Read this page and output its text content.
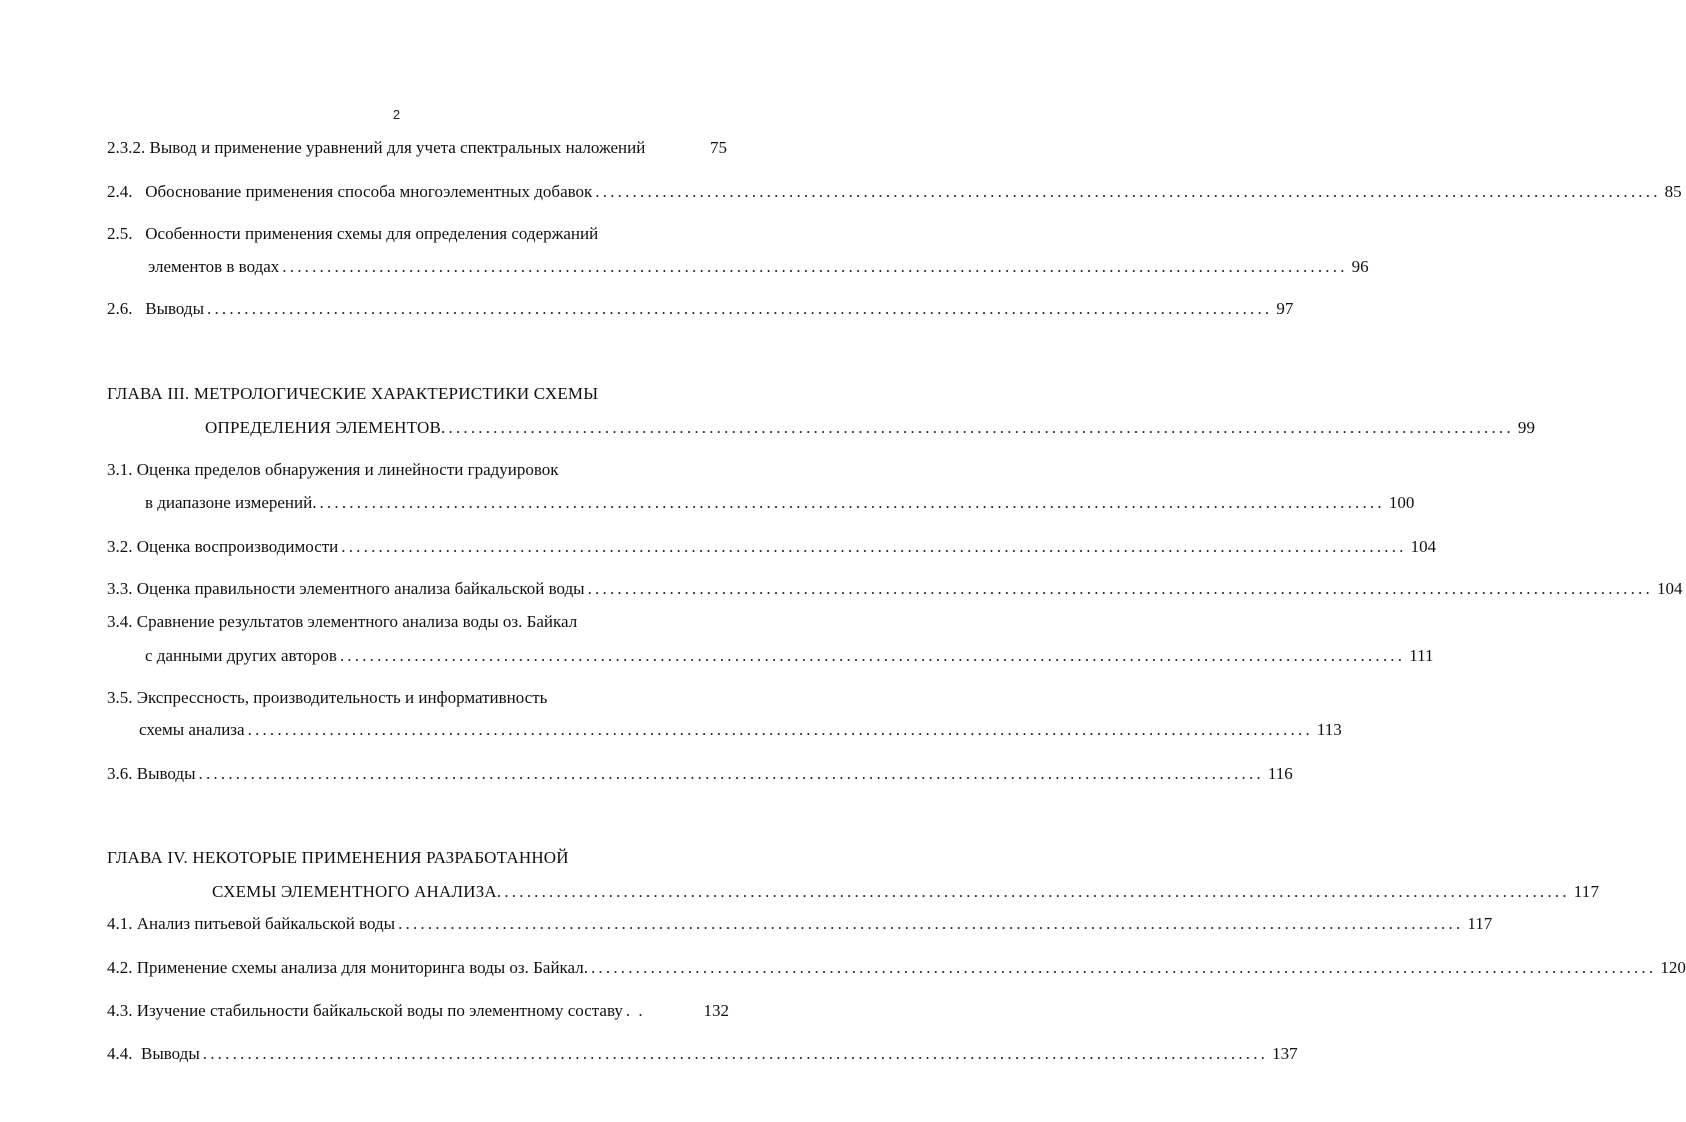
2
2.3.2. Вывод и применение уравнений для учета спектральных наложений	75
2.4.   Обоснование применения способа многоэлементных добавок ............................................................................................................................................... 85
2.5.   Особенности применения схемы для определения содержаний
элементов в водах ............................................................................................................................................... 96
2.6.   Выводы ............................................................................................................................................... 97
ГЛАВА III. МЕТРОЛОГИЧЕСКИЕ ХАРАКТЕРИСТИКИ СХЕМЫ
ОПРЕДЕЛЕНИЯ ЭЛЕМЕНТОВ. ............................................................................................................................................... 99
3.1. Оценка пределов обнаружения и линейности градуировок
в диапазоне измерений. ............................................................................................................................................... 100
3.2. Оценка воспроизводимости ............................................................................................................................................... 104
3.3. Оценка правильности элементного анализа байкальской воды ............................................................................................................................................... 104
3.4. Сравнение результатов элементного анализа воды оз. Байкал
с данными других авторов ............................................................................................................................................... 111
3.5. Экспрессность, производительность и информативность
схемы анализа ............................................................................................................................................... 113
3.6. Выводы ............................................................................................................................................... 116
ГЛАВА IV. НЕКОТОРЫЕ ПРИМЕНЕНИЯ РАЗРАБОТАННОЙ
СХЕМЫ ЭЛЕМЕНТНОГО АНАЛИЗА. ............................................................................................................................................... 117
4.1. Анализ питьевой байкальской воды ............................................................................................................................................... 117
4.2. Применение схемы анализа для мониторинга воды оз. Байкал. ............................................................................................................................................... 120
4.3. Изучение стабильности байкальской воды по элементному составу . .	132
4.4.  Выводы ............................................................................................................................................... 137
